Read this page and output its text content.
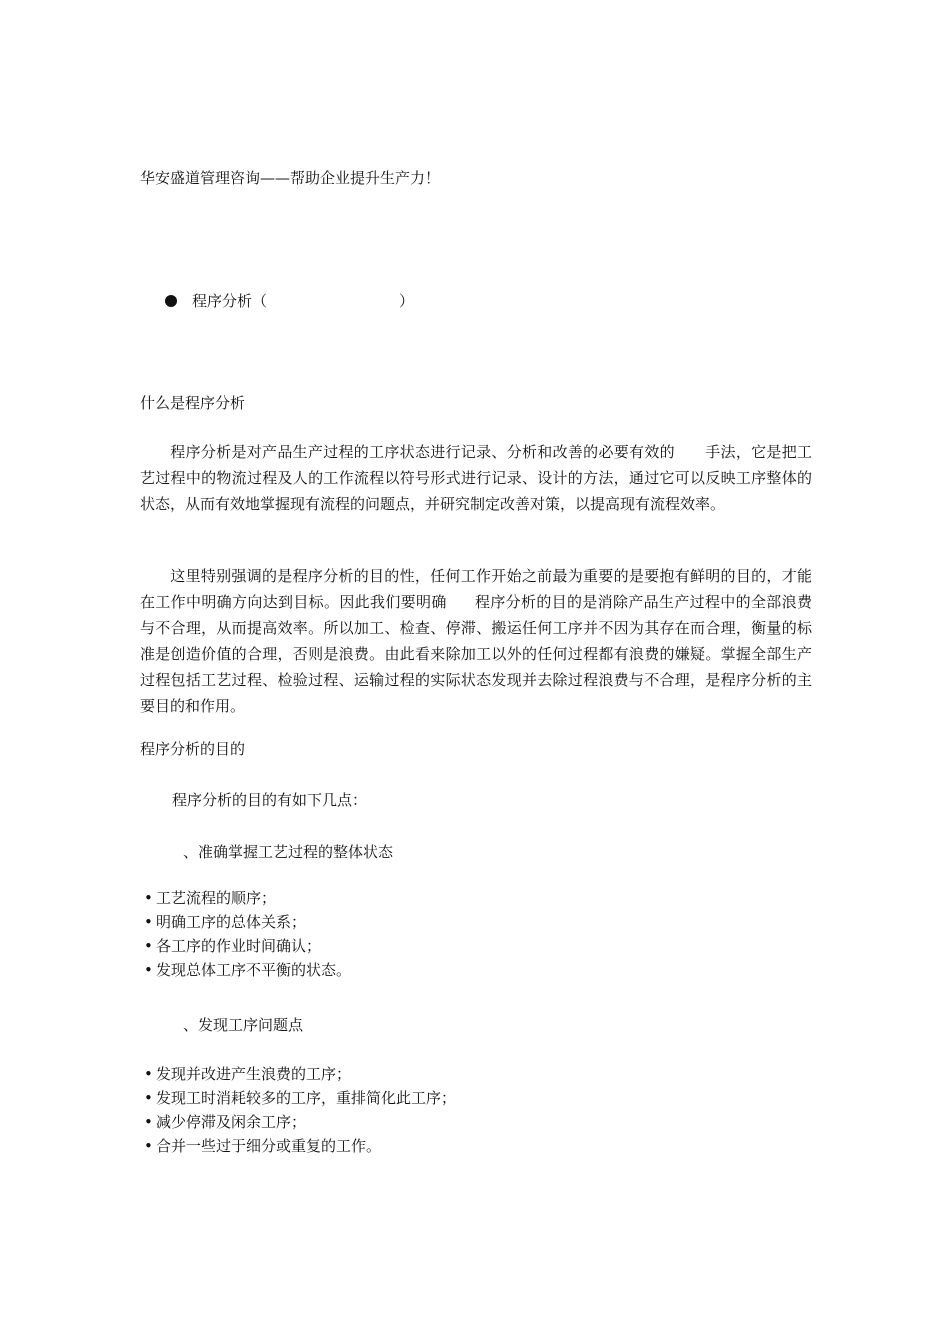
华安盛道管理咨询——帮助企业提升生产力！
程序分析（	）
什么是程序分析
程序分析是对产品生产过程的工序状态进行记录、分析和改善的必要有效的 手法，它是把工艺过程中的物流过程及人的工作流程以符号形式进行记录、设计的方法，通过它可以反映工序整体的状态，从而有效地掌握现有流程的问题点，并研究制定改善对策，以提高现有流程效率。
这里特别强调的是程序分析的目的性，任何工作开始之前最为重要的是要抱有鲜明的目的，才能在工作中明确方向达到目标。因此我们要明确 程序分析的目的是消除产品生产过程中的全部浪费与不合理，从而提高效率。所以加工、检查、停滞、搬运任何工序并不因为其存在而合理，衡量的标准是创造价值的合理，否则是浪费。由此看来除加工以外的任何过程都有浪费的嫌疑。掌握全部生产过程包括工艺过程、检验过程、运输过程的实际状态发现并去除过程浪费与不合理，是程序分析的主要目的和作用。
程序分析的目的
程序分析的目的有如下几点：
、准确掌握工艺过程的整体状态
• 工艺流程的顺序；
• 明确工序的总体关系；
• 各工序的作业时间确认；
• 发现总体工序不平衡的状态。
、发现工序问题点
• 发现并改进产生浪费的工序；
• 发现工时消耗较多的工序，重排简化此工序；
• 减少停滞及闲余工序；
• 合并一些过于细分或重复的工作。
